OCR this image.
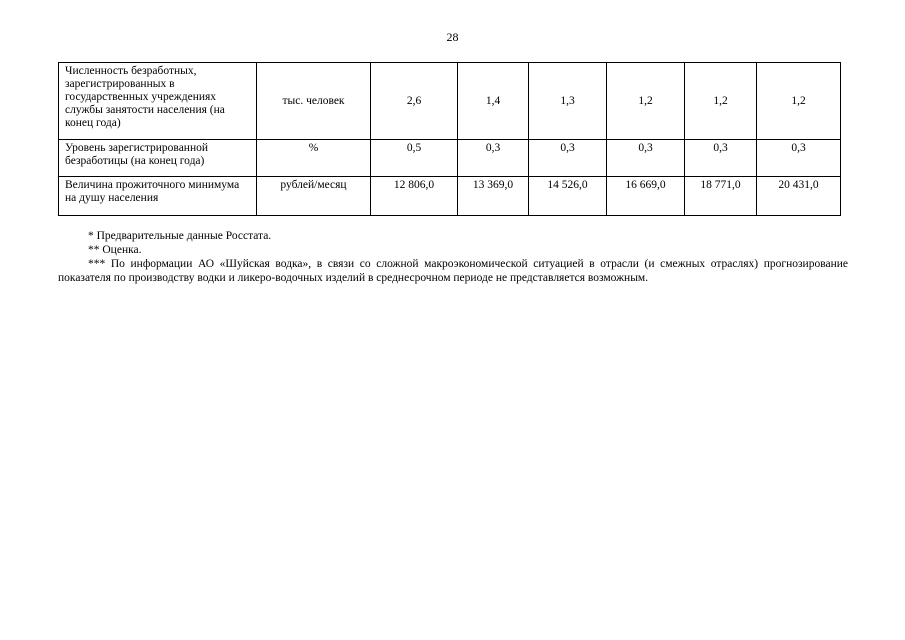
28
Численность безработных, зарегистрированных в государственных учреждениях службы занятости населения (на конец года)	тыс. человек	2,6	1,4	1,3	1,2	1,2	1,2
Уровень зарегистрированной безработицы (на конец года)	%	0,5	0,3	0,3	0,3	0,3	0,3
Величина прожиточного минимума на душу населения	рублей/месяц	12 806,0	13 369,0	14 526,0	16 669,0	18 771,0	20 431,0

* Предварительные данные Росстата.

** Оценка.

*** По информации АО «Шуйская водка», в связи со сложной макроэкономической ситуацией в отрасли (и смежных отраслях) прогнозирование показателя по производству водки и ликеро-водочных изделий в среднесрочном периоде не представляется возможным.
